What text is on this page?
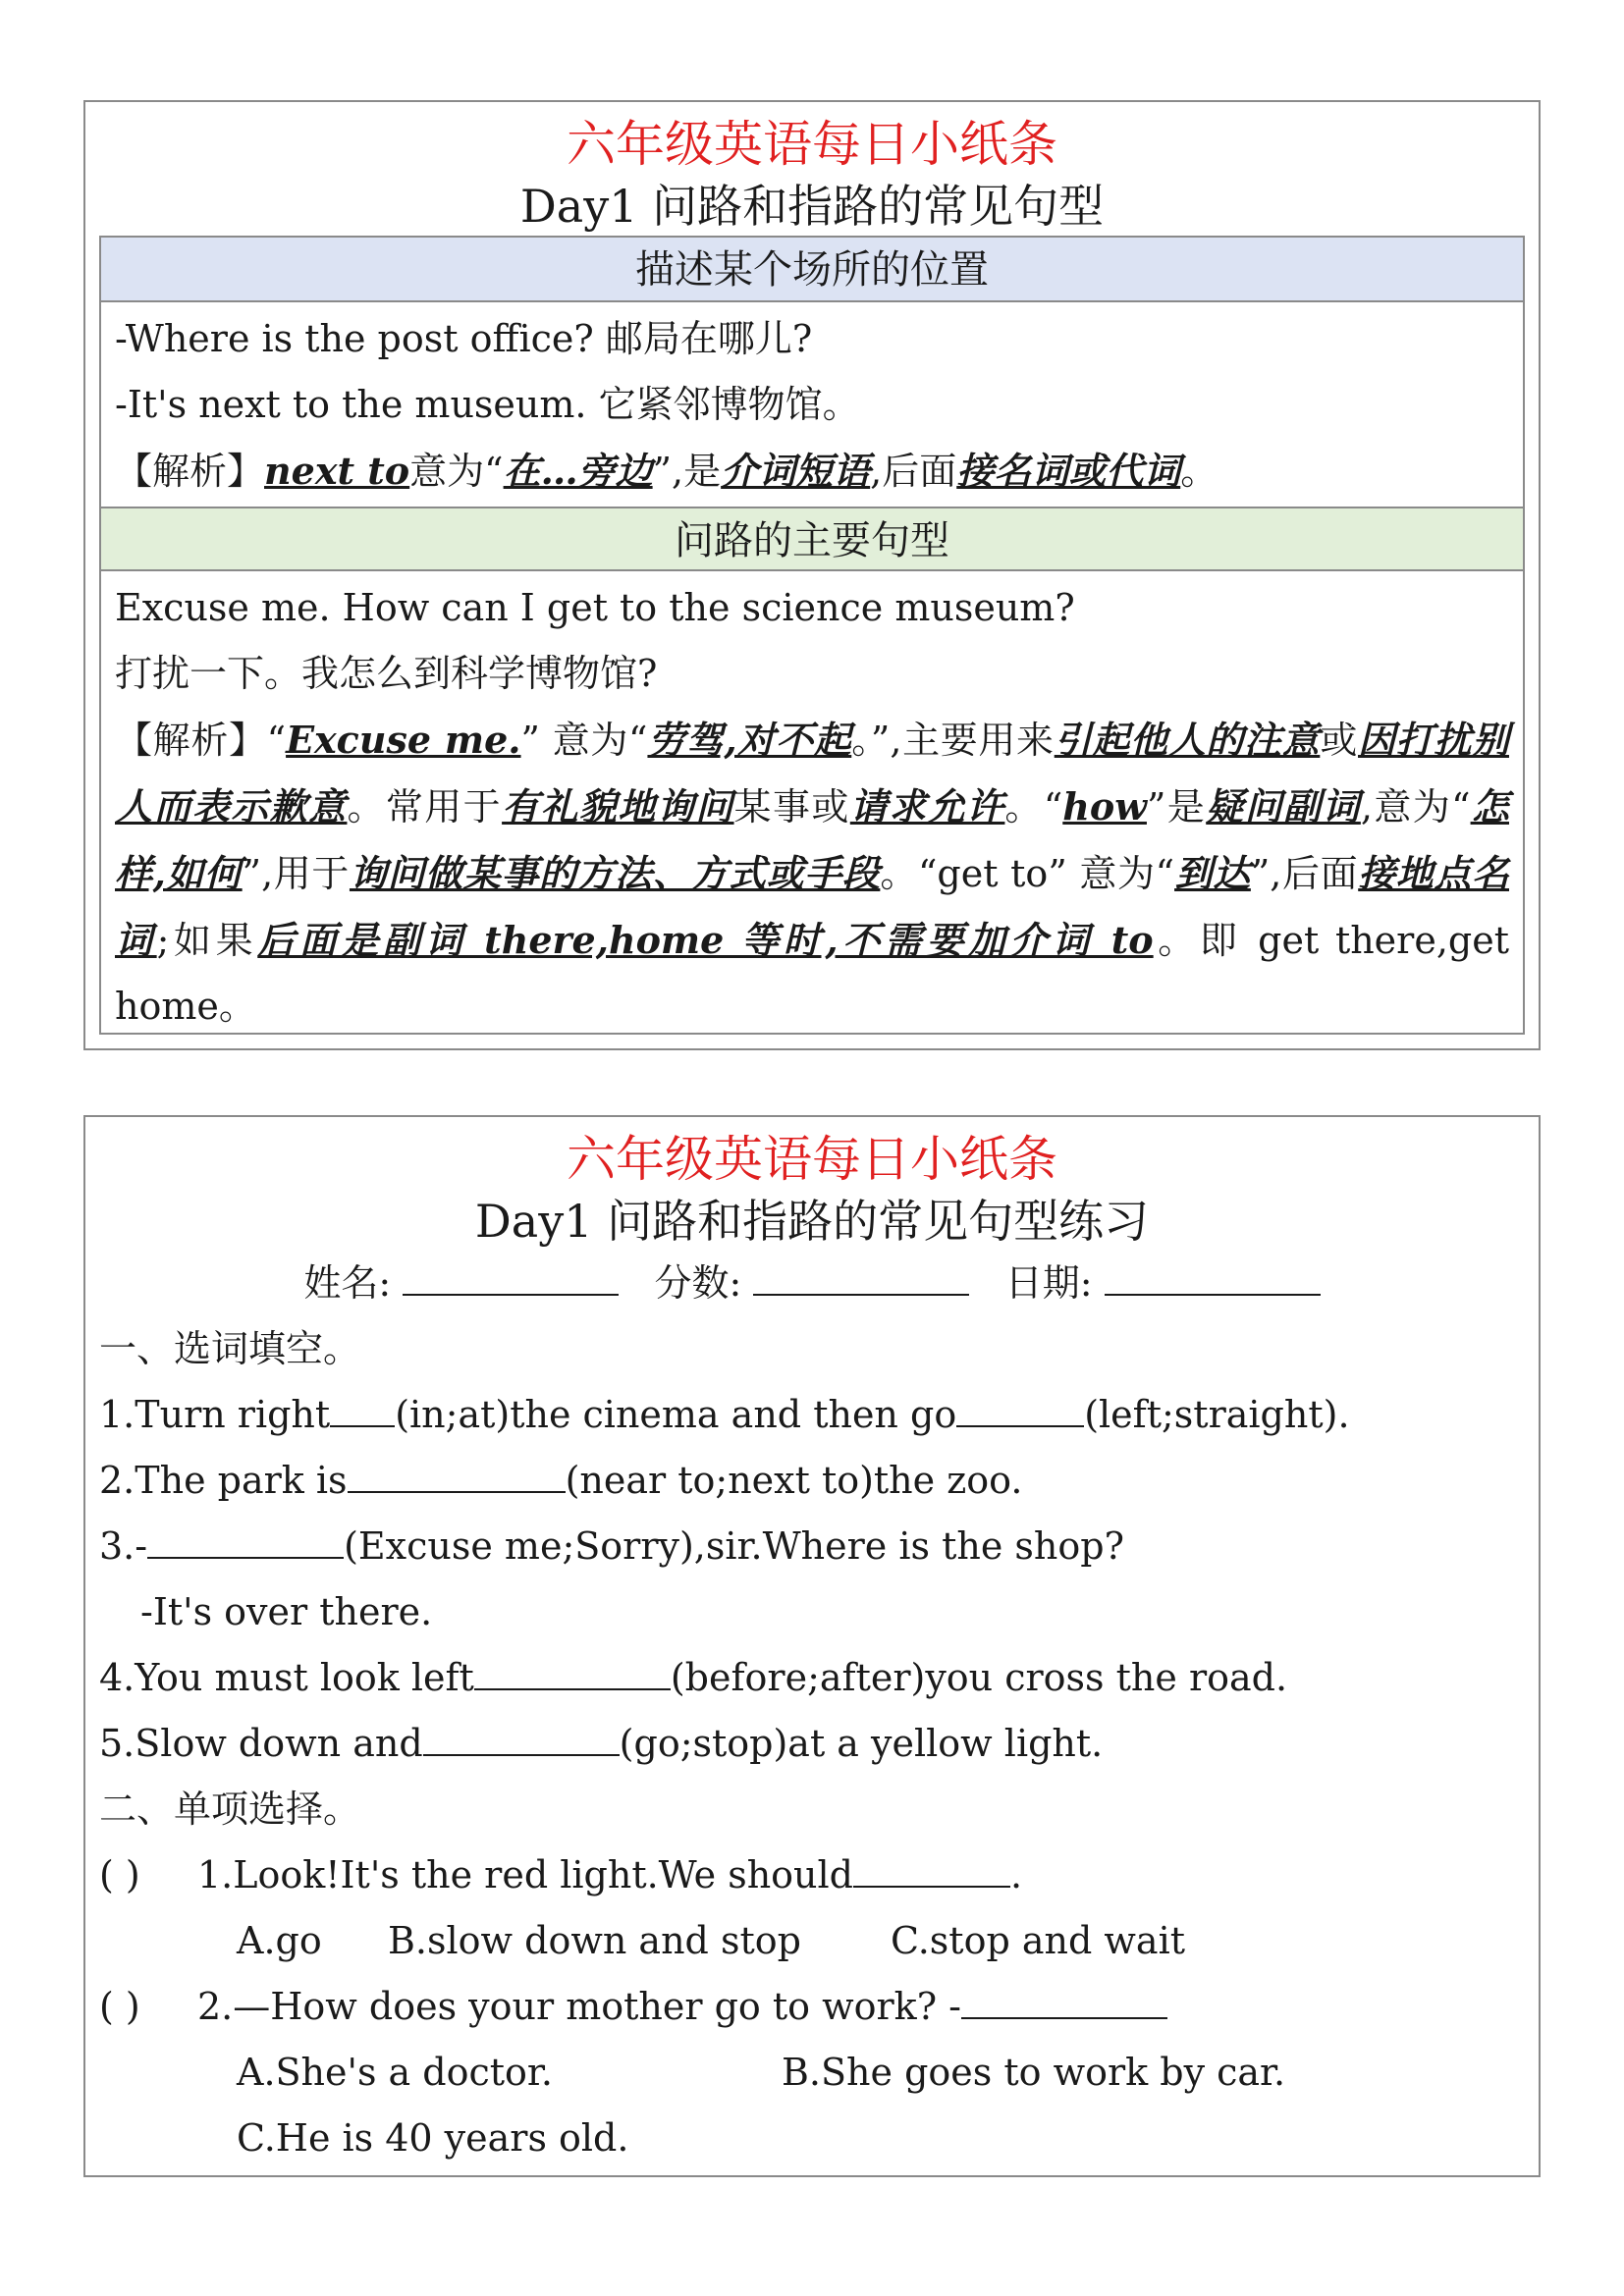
六年级英语每日小纸条
Day1 问路和指路的常见句型
描述某个场所的位置
-Where is the post office? 邮局在哪儿?
-It's next to the museum. 它紧邻博物馆。
【解析】next to意为“在…旁边”,是介词短语,后面接名词或代词。
问路的主要句型
Excuse me. How can I get to the science museum?
打扰一下。我怎么到科学博物馆?
【解析】“Excuse me.” 意为“劳驾,对不起。”,主要用来引起他人的注意或因打扰别人而表示歉意。常用于有礼貌地询问某事或请求允许。“how”是疑问副词,意为“怎样,如何”,用于询问做某事的方法、方式或手段。“get to” 意为“到达”,后面接地点名词;如果后面是副词 there,home 等时,不需要加介词 to。即 get there,get home。
六年级英语每日小纸条
Day1 问路和指路的常见句型练习
姓名:	分数:	日期:
一、选词填空。
1.Turn right (in;at)the cinema and then go	(left;straight).
2.The park is	(near to;next to)the zoo.
3.-	(Excuse me;Sorry),sir.Where is the shop?
-It's over there.
4.You must look left	(before;after)you cross the road.
5.Slow down and	(go;stop)at a yellow light.
二、单项选择。
( ) 1.Look!It's the red light.We should	.
A.go B.slow down and stop C.stop and wait
( ) 2.—How does your mother go to work? -
A.She's a doctor.	B.She goes to work by car.
C.He is 40 years old.
